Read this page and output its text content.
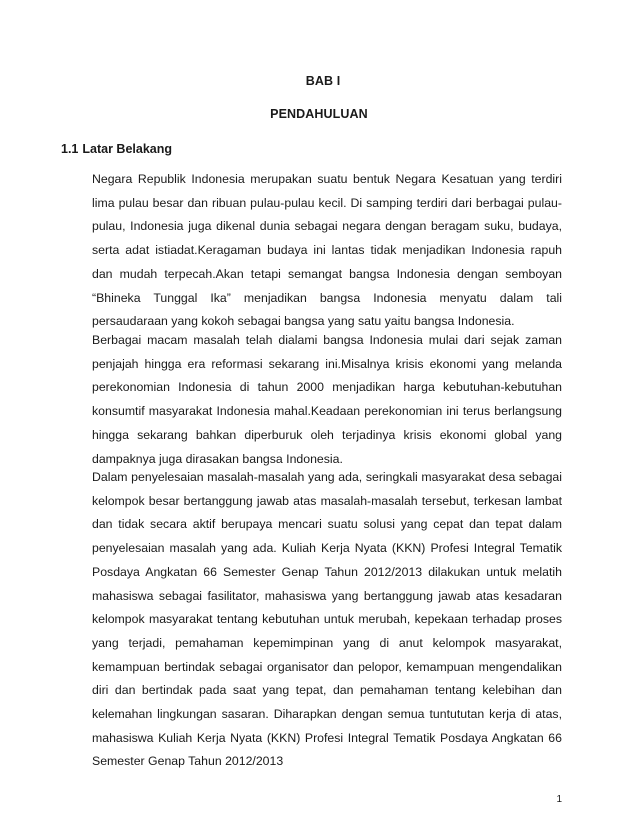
BAB I
PENDAHULUAN
1.1 Latar Belakang

Negara Republik Indonesia merupakan suatu bentuk Negara Kesatuan yang terdiri lima pulau besar dan ribuan pulau-pulau kecil. Di samping terdiri dari berbagai pulau-pulau, Indonesia juga dikenal dunia sebagai negara dengan beragam suku, budaya, serta adat istiadat.Keragaman budaya ini lantas tidak menjadikan Indonesia rapuh dan mudah terpecah.Akan tetapi semangat bangsa Indonesia dengan semboyan “Bhineka Tunggal Ika” menjadikan bangsa Indonesia menyatu dalam tali persaudaraan yang kokoh sebagai bangsa yang satu yaitu bangsa Indonesia.

Berbagai macam masalah telah dialami bangsa Indonesia mulai dari sejak zaman penjajah hingga era reformasi sekarang ini.Misalnya krisis ekonomi yang melanda perekonomian Indonesia di tahun 2000 menjadikan harga kebutuhan-kebutuhan konsumtif masyarakat Indonesia mahal.Keadaan perekonomian ini terus berlangsung hingga sekarang bahkan diperburuk oleh terjadinya krisis ekonomi global yang dampaknya juga dirasakan bangsa Indonesia.

Dalam penyelesaian masalah-masalah yang ada, seringkali masyarakat desa sebagai kelompok besar bertanggung jawab atas masalah-masalah tersebut, terkesan lambat dan tidak secara aktif berupaya mencari suatu solusi yang cepat dan tepat dalam penyelesaian masalah yang ada. Kuliah Kerja Nyata (KKN) Profesi Integral Tematik Posdaya Angkatan 66 Semester Genap Tahun 2012/2013 dilakukan untuk melatih mahasiswa sebagai fasilitator, mahasiswa yang bertanggung jawab atas kesadaran kelompok masyarakat tentang kebutuhan untuk merubah, kepekaan terhadap proses yang terjadi, pemahaman kepemimpinan yang di anut kelompok masyarakat, kemampuan bertindak sebagai organisator dan pelopor, kemampuan mengendalikan diri dan bertindak pada saat yang tepat, dan pemahaman tentang kelebihan dan kelemahan lingkungan sasaran. Diharapkan dengan semua tuntututan kerja di atas, mahasiswa Kuliah Kerja Nyata (KKN) Profesi Integral Tematik Posdaya Angkatan 66 Semester Genap Tahun 2012/2013

1
